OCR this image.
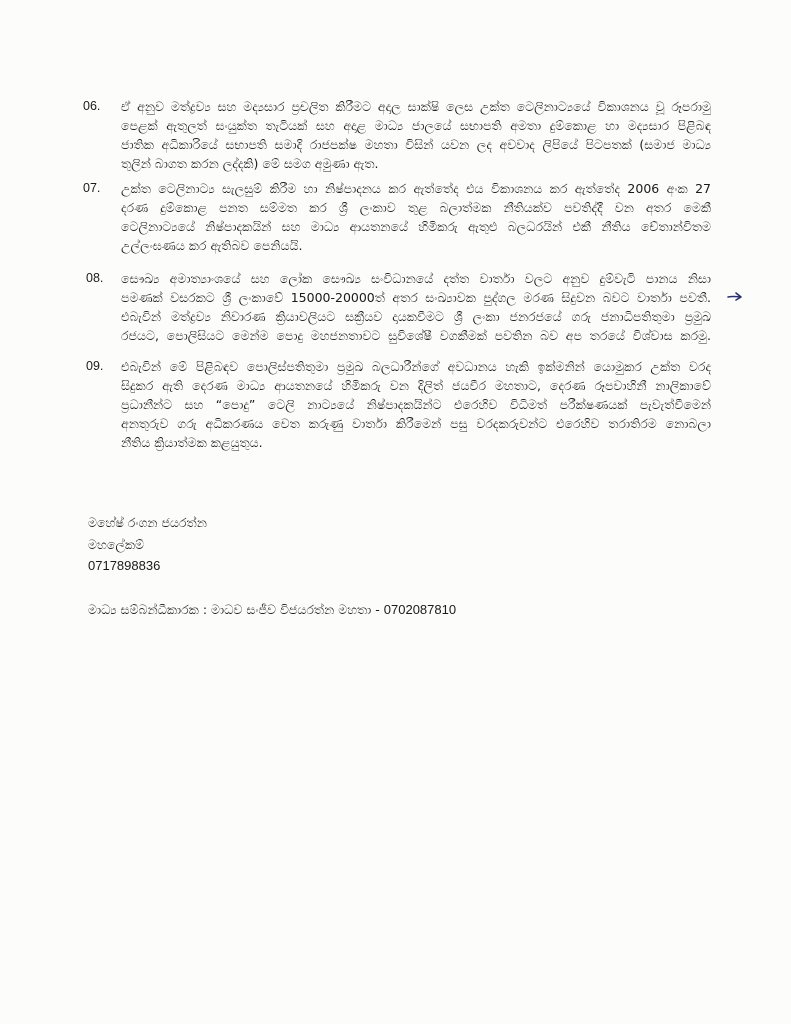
06.	ඒ අනුව මත්ද්‍රව්‍ය සහ මද්‍යසාර ප්‍රචලිත කිරීමට අදාල සාක්ෂි ලෙස උක්ත ටෙලිනාට්‍යයේ විකාශනය වූ රූපරාමු
පෙළක් ඇතුලත් සංයුක්ත තැටියක් සහ අදාළ මාධ්‍ය ජාලයේ සභාපති අමතා දුම්කොළ හා මද්‍යසාර පිළිබඳ
ජාතික අධිකාරියේ සභාපති සමාදි රාජපක්ෂ මහතා විසින් යවන ලද අවවාද ලිපියේ පිටපතක් (සමාජ මාධ්‍ය
තුලින් බාගත කරන ලද්දකි) මේ සමග අමුණා ඇත.
07.	උක්ත ටෙලිනාට්‍ය සැලසුම් කිරීම හා නිෂ්පාදනය කර ඇත්තේද එය විකාශනය කර ඇත්තේද 2006 අංක 27
දරණ දුම්කොළ පනත සම්මත කර ශ්‍රී ලංකාව තුළ බලාත්මක නීතියක්ව පවතිද්දී වන අතර මෙකී
ටෙලිනාට්‍යයේ නිෂ්පාදකයින් සහ මාධ්‍ය ආයතනයේ හිමිකරු ඇතුළු බලධරයින් එකී නීතිය චේතාන්විතම
උල්ලංඝණය කර ඇතිබව පෙනියයි.
08.	සෞඛ්‍ය අමාත්‍යාංශයේ සහ ලෝක සෞඛ්‍ය සංවිධානයේ දත්ත වාර්තා වලට අනුව දුම්වැටි පානය නිසා
පමණක් වසරකට ශ්‍රී ලංකාවේ 15000-20000ත් අතර සංඛ්‍යාවක පුද්ගල මරණ සිදුවන බවට වාර්තා පවතී.
එබැවින් මත්ද්‍රව්‍ය නිවාරණ ක්‍රියාවලියට සක්‍රීයව දායකවීමට ශ්‍රී ලංකා ජනරජයේ ගරු ජනාධිපතිතුමා ප්‍රමුඛ
රජයට, පොලිසියට මෙන්ම පොදු මහජනතාවට සුවිශේෂී වගකීමක් පවතින බව අප තරයේ විශ්වාස කරමු.
09.	එබැවින් මේ පිළිබඳව පොලිස්පතිතුමා ප්‍රමුඛ බලධාරීන්ගේ අවධානය හැකි ඉක්මනින් යොමුකර උක්ත වරද
සිදුකර ඇති දෙරණ මාධ්‍ය ආයතනයේ හිමිකරු වන දිලිත් ජයවීර මහතාට, දෙරණ රූපවාහිනී නාලිකාවේ
ප්‍රධානීන්ට සහ “පොදු” ටෙලි නාට්‍යයේ නිෂ්පාදකයින්ට එරෙහිව විධිමත් පරීක්ෂණයක් පැවැත්වීමෙන්
අනතුරුව ගරු අධිකරණය වෙත කරුණු වාර්තා කිරීමෙන් පසු වරදකරුවන්ට එරෙහිව තරාතිරම නොබලා
නීතිය ක්‍රියාත්මක කළයුතුය.
මහේෂ් රංගන ජයරත්න
මහලේකම්
0717898836
මාධ්‍ය සම්බන්ධීකාරක : මාධව සංජීව විජයරත්න මහතා - 0702087810
